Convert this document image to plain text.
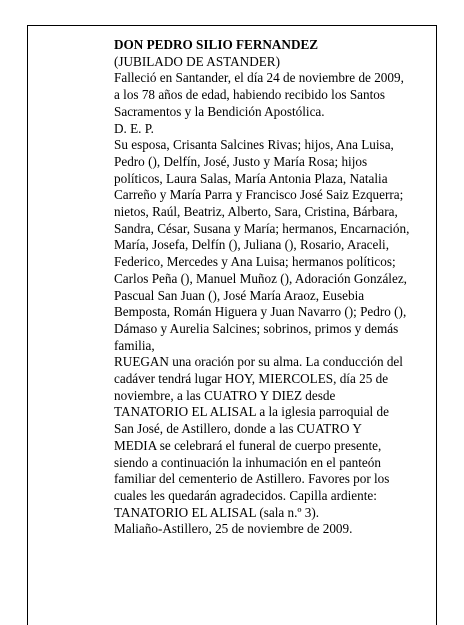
DON PEDRO SILIO FERNANDEZ
(JUBILADO DE ASTANDER)
Falleció en Santander, el día 24 de noviembre de 2009,
a los 78 años de edad, habiendo recibido los Santos
Sacramentos y la Bendición Apostólica.
D. E. P.
Su esposa, Crisanta Salcines Rivas; hijos, Ana Luisa,
Pedro (), Delfín, José, Justo y María Rosa; hijos
políticos, Laura Salas, María Antonia Plaza, Natalia
Carreño y María Parra y Francisco José Saiz Ezquerra;
nietos, Raúl, Beatriz, Alberto, Sara, Cristina, Bárbara,
Sandra, César, Susana y María; hermanos, Encarnación,
María, Josefa, Delfín (), Juliana (), Rosario, Araceli,
Federico, Mercedes y Ana Luisa; hermanos políticos;
Carlos Peña (), Manuel Muñoz (), Adoración González,
Pascual San Juan (), José María Araoz, Eusebia
Bemposta, Román Higuera y Juan Navarro (); Pedro (),
Dámaso y Aurelia Salcines; sobrinos, primos y demás
familia,
RUEGAN una oración por su alma. La conducción del
cadáver tendrá lugar HOY, MIERCOLES, día 25 de
noviembre, a las CUATRO Y DIEZ desde
TANATORIO EL ALISAL a la iglesia parroquial de
San José, de Astillero, donde a las CUATRO Y
MEDIA se celebrará el funeral de cuerpo presente,
siendo a continuación la inhumación en el panteón
familiar del cementerio de Astillero. Favores por los
cuales les quedarán agradecidos. Capilla ardiente:
TANATORIO EL ALISAL (sala n.º 3).
Maliaño-Astillero, 25 de noviembre de 2009.
